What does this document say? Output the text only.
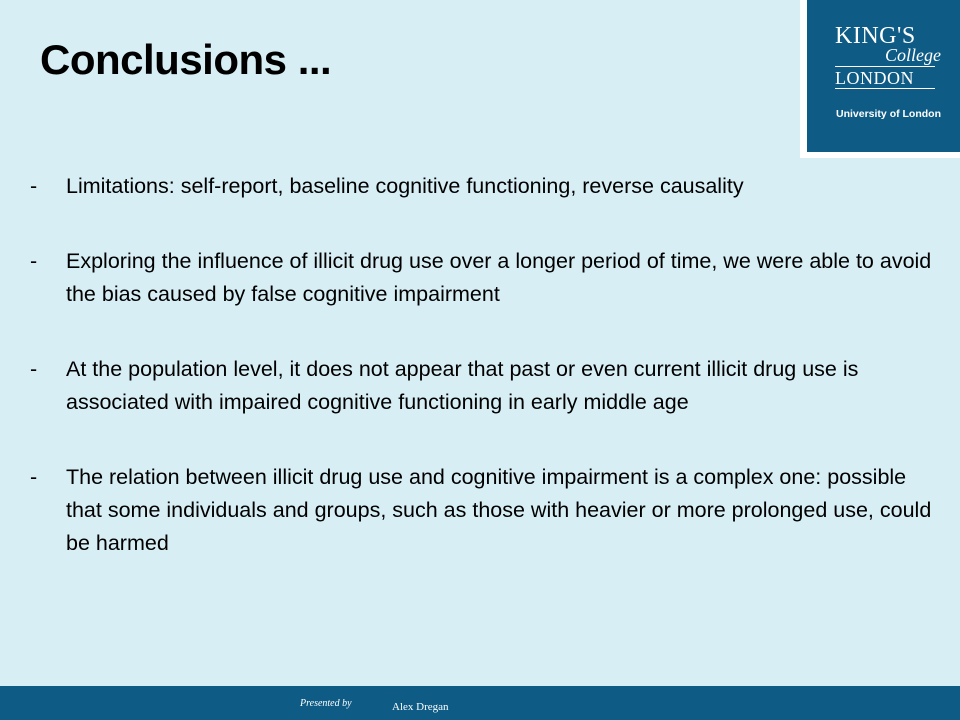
Conclusions ...	KING'S
College
LONDON
University of London
- Limitations: self-report, baseline cognitive functioning, reverse causality
- Exploring the influence of illicit drug use over a longer period of time, we were able to avoid the bias caused by false cognitive impairment
- At the population level, it does not appear that past or even current illicit drug use is associated with impaired cognitive functioning in early middle age
- The relation between illicit drug use and cognitive impairment is a complex one: possible that some individuals and groups, such as those with heavier or more prolonged use, could be harmed
Presented by	Alex Dregan
